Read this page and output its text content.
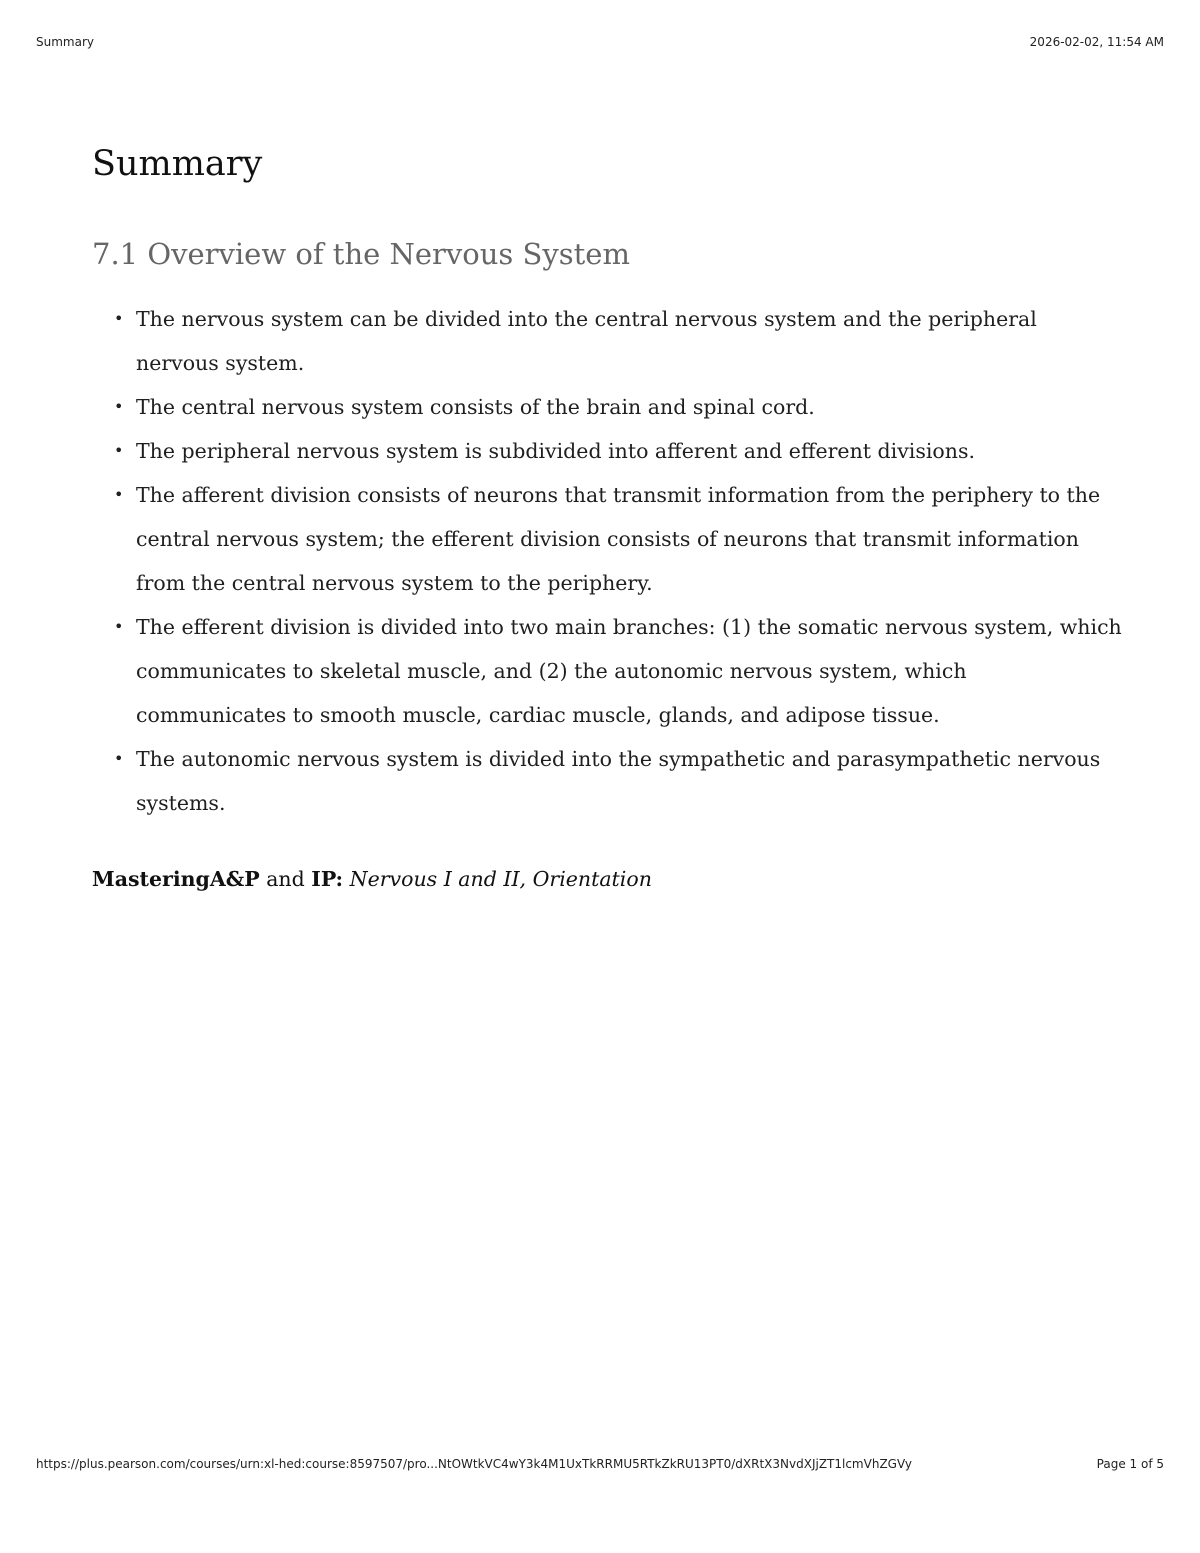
Summary	2026-02-02, 11:54 AM
Summary
7.1 Overview of the Nervous System
• The nervous system can be divided into the central nervous system and the peripheral nervous system.
• The central nervous system consists of the brain and spinal cord.
• The peripheral nervous system is subdivided into afferent and efferent divisions.
• The afferent division consists of neurons that transmit information from the periphery to the central nervous system; the efferent division consists of neurons that transmit information from the central nervous system to the periphery.
• The efferent division is divided into two main branches: (1) the somatic nervous system, which communicates to skeletal muscle, and (2) the autonomic nervous system, which communicates to smooth muscle, cardiac muscle, glands, and adipose tissue.
• The autonomic nervous system is divided into the sympathetic and parasympathetic nervous systems.

MasteringA&P and IP: Nervous I and II, Orientation

https://plus.pearson.com/courses/urn:xl-hed:course:8597507/pro...NtOWtkVC4wY3k4M1UxTkRRMU5RTkZkRU13PT0/dXRtX3NvdXJjZT1lcmVhZGVy	Page 1 of 5
